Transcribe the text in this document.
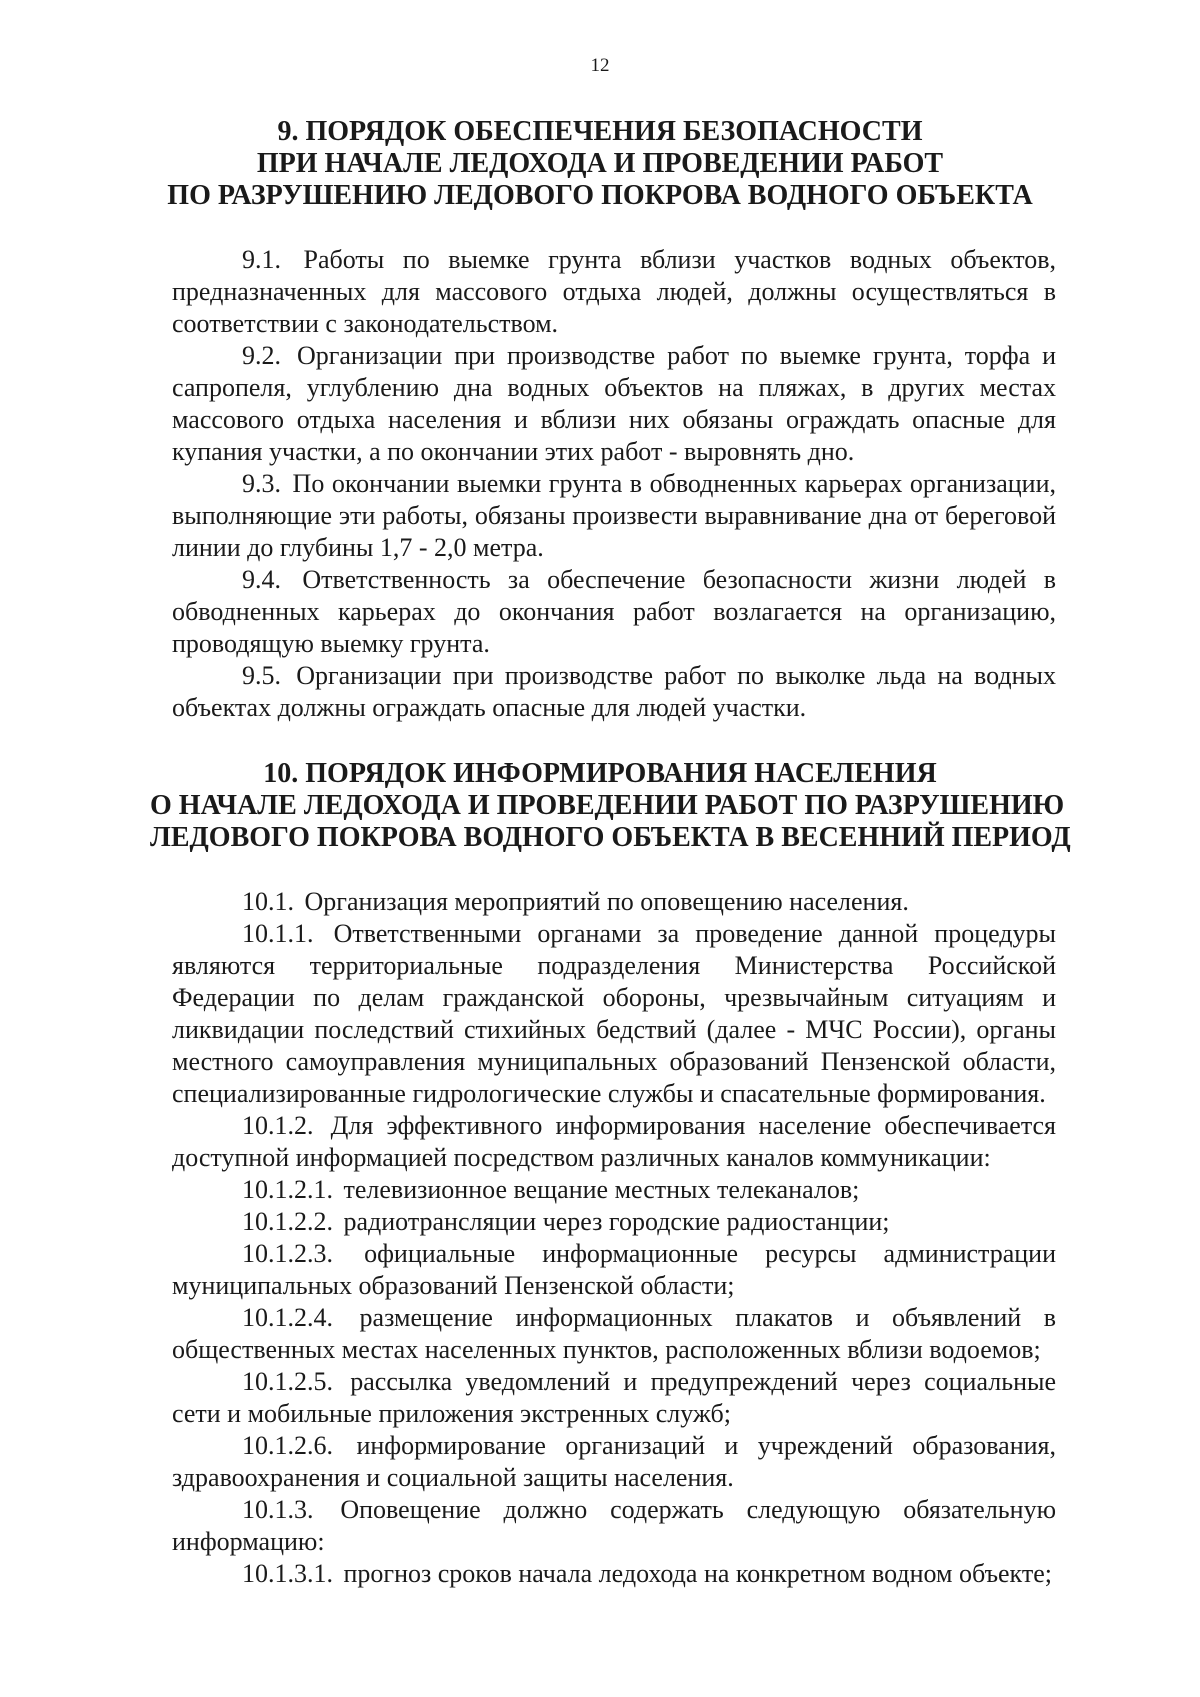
12
9. ПОРЯДОК ОБЕСПЕЧЕНИЯ БЕЗОПАСНОСТИ
ПРИ НАЧАЛЕ ЛЕДОХОДА И ПРОВЕДЕНИИ РАБОТ
ПО РАЗРУШЕНИЮ ЛЕДОВОГО ПОКРОВА ВОДНОГО ОБЪЕКТА
9.1. Работы по выемке грунта вблизи участков водных объектов, предназначенных для массового отдыха людей, должны осуществляться в соответствии с законодательством.
9.2. Организации при производстве работ по выемке грунта, торфа и сапропеля, углублению дна водных объектов на пляжах, в других местах массового отдыха населения и вблизи них обязаны ограждать опасные для купания участки, а по окончании этих работ - выровнять дно.
9.3. По окончании выемки грунта в обводненных карьерах организации, выполняющие эти работы, обязаны произвести выравнивание дна от береговой линии до глубины 1,7 - 2,0 метра.
9.4. Ответственность за обеспечение безопасности жизни людей в обводненных карьерах до окончания работ возлагается на организацию, проводящую выемку грунта.
9.5. Организации при производстве работ по выколке льда на водных объектах должны ограждать опасные для людей участки.
10. ПОРЯДОК ИНФОРМИРОВАНИЯ НАСЕЛЕНИЯ
О НАЧАЛЕ ЛЕДОХОДА И ПРОВЕДЕНИИ РАБОТ ПО РАЗРУШЕНИЮ
ЛЕДОВОГО ПОКРОВА ВОДНОГО ОБЪЕКТА В ВЕСЕННИЙ ПЕРИОД
10.1. Организация мероприятий по оповещению населения.
10.1.1. Ответственными органами за проведение данной процедуры являются территориальные подразделения Министерства Российской Федерации по делам гражданской обороны, чрезвычайным ситуациям и ликвидации последствий стихийных бедствий (далее - МЧС России), органы местного самоуправления муниципальных образований Пензенской области, специализированные гидрологические службы и спасательные формирования.
10.1.2. Для эффективного информирования население обеспечивается доступной информацией посредством различных каналов коммуникации:
10.1.2.1. телевизионное вещание местных телеканалов;
10.1.2.2. радиотрансляции через городские радиостанции;
10.1.2.3. официальные информационные ресурсы администрации муниципальных образований Пензенской области;
10.1.2.4. размещение информационных плакатов и объявлений в общественных местах населенных пунктов, расположенных вблизи водоемов;
10.1.2.5. рассылка уведомлений и предупреждений через социальные сети и мобильные приложения экстренных служб;
10.1.2.6. информирование организаций и учреждений образования, здравоохранения и социальной защиты населения.
10.1.3. Оповещение должно содержать следующую обязательную информацию:
10.1.3.1. прогноз сроков начала ледохода на конкретном водном объекте;
